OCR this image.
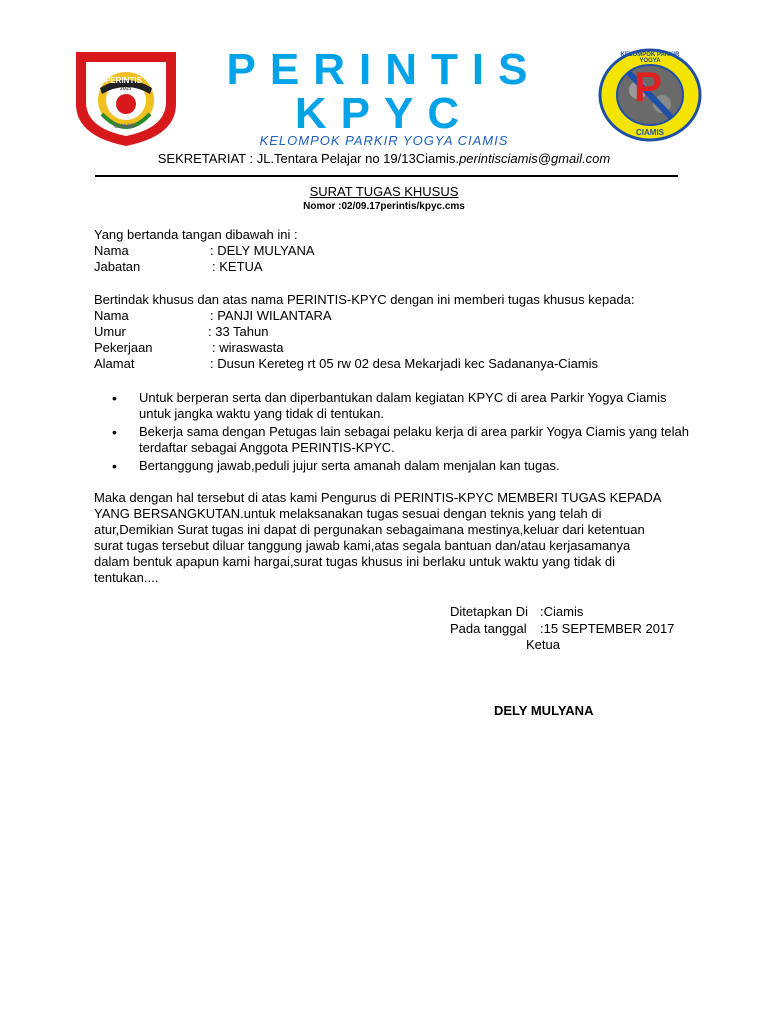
PERINTIS
2005
CIAMIS
P
KELOMPOK PARKIR YOGYA
CIAMIS
PERINTIS
KPYC
KELOMPOK PARKIR YOGYA CIAMIS
SEKRETARIAT : JL.Tentara Pelajar no 19/13Ciamis.perintisciamis@gmail.com
SURAT TUGAS KHUSUS
Nomor :02/09.17perintis/kpyc.cms
Yang bertanda tangan dibawah ini :
Nama	: DELY MULYANA
Jabatan	: KETUA
Bertindak khusus dan atas nama PERINTIS-KPYC dengan ini memberi tugas khusus kepada:
Nama	: PANJI WILANTARA
Umur	: 33 Tahun
Pekerjaan	: wiraswasta
Alamat	: Dusun Kereteg rt 05 rw 02 desa Mekarjadi kec Sadananya-Ciamis
• Untuk berperan serta dan diperbantukan dalam kegiatan KPYC di area Parkir Yogya Ciamis untuk jangka waktu yang tidak di tentukan.
• Bekerja sama dengan Petugas lain sebagai pelaku kerja di area parkir Yogya Ciamis yang telah terdaftar sebagai Anggota PERINTIS-KPYC.
• Bertanggung jawab,peduli jujur serta amanah dalam menjalan kan tugas.
Maka dengan hal tersebut di atas kami Pengurus di PERINTIS-KPYC MEMBERI TUGAS KEPADA
YANG BERSANGKUTAN.untuk melaksanakan tugas sesuai dengan teknis yang telah di
atur,Demikian Surat tugas ini dapat di pergunakan sebagaimana mestinya,keluar dari ketentuan
surat tugas tersebut diluar tanggung jawab kami,atas segala bantuan dan/atau kerjasamanya
dalam bentuk apapun kami hargai,surat tugas khusus ini berlaku untuk waktu yang tidak di
tentukan....
Ditetapkan Di :Ciamis
Pada tanggal :15 SEPTEMBER 2017
Ketua
DELY MULYANA
